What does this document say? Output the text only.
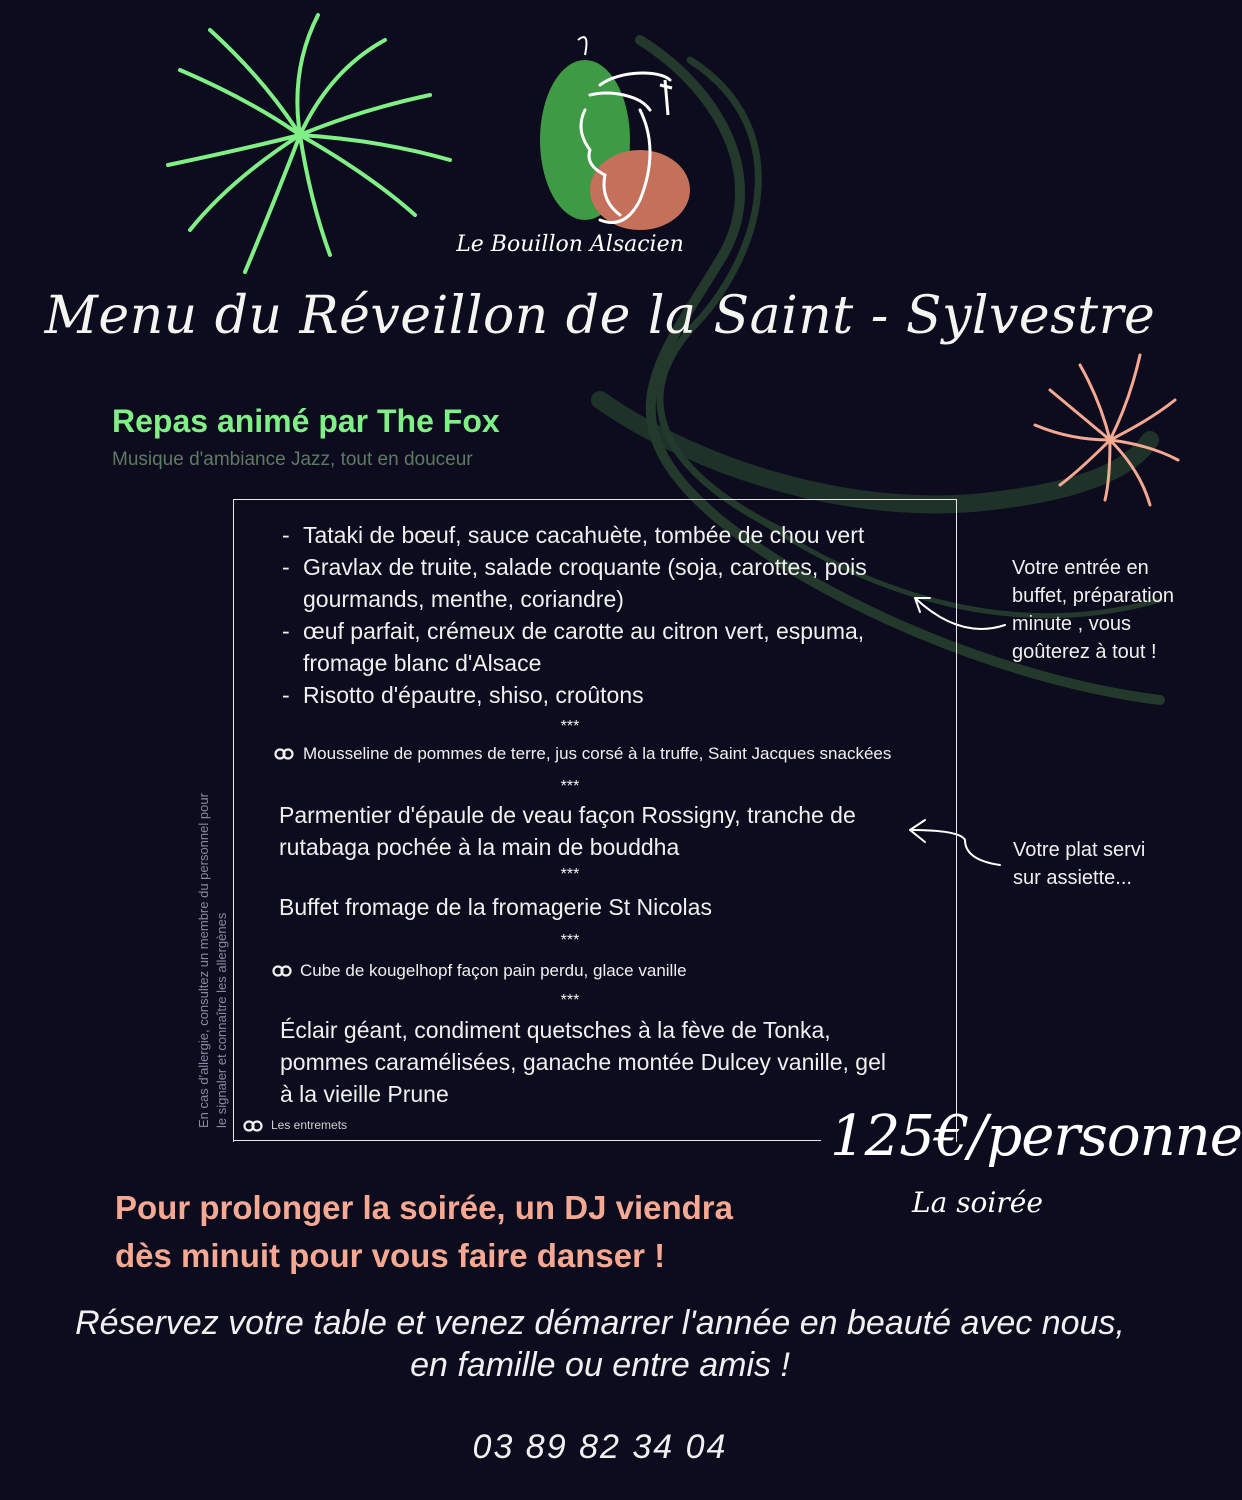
Le Bouillon Alsacien
Menu du Réveillon de la Saint - Sylvestre
Repas animé par The Fox
Musique d'ambiance Jazz, tout en douceur
- Tataki de bœuf, sauce cacahuète, tombée de chou vert
- Gravlax de truite, salade croquante (soja, carottes, pois
gourmands, menthe, coriandre)
- œuf parfait, crémeux de carotte au citron vert, espuma,
fromage blanc d'Alsace
- Risotto d'épautre, shiso, croûtons
***
Mousseline de pommes de terre, jus corsé à la truffe, Saint Jacques snackées
***
Parmentier d'épaule de veau façon Rossigny, tranche de
rutabaga pochée à la main de bouddha
***
Buffet fromage de la fromagerie St Nicolas
***
Cube de kougelhopf façon pain perdu, glace vanille
***
Éclair géant, condiment quetsches à la fève de Tonka,
pommes caramélisées, ganache montée Dulcey vanille, gel
à la vieille Prune
Les entremets
Votre entrée en
buffet, préparation
minute , vous
goûterez à tout !
Votre plat servi
sur assiette...
En cas d'allergie, consultez un membre du personnel pour le signaler et connaître les allergènes
125€/personne
La soirée
Pour prolonger la soirée, un DJ viendra
dès minuit pour vous faire danser !
Réservez votre table et venez démarrer l'année en beauté avec nous,
en famille ou entre amis !
03 89 82 34 04
